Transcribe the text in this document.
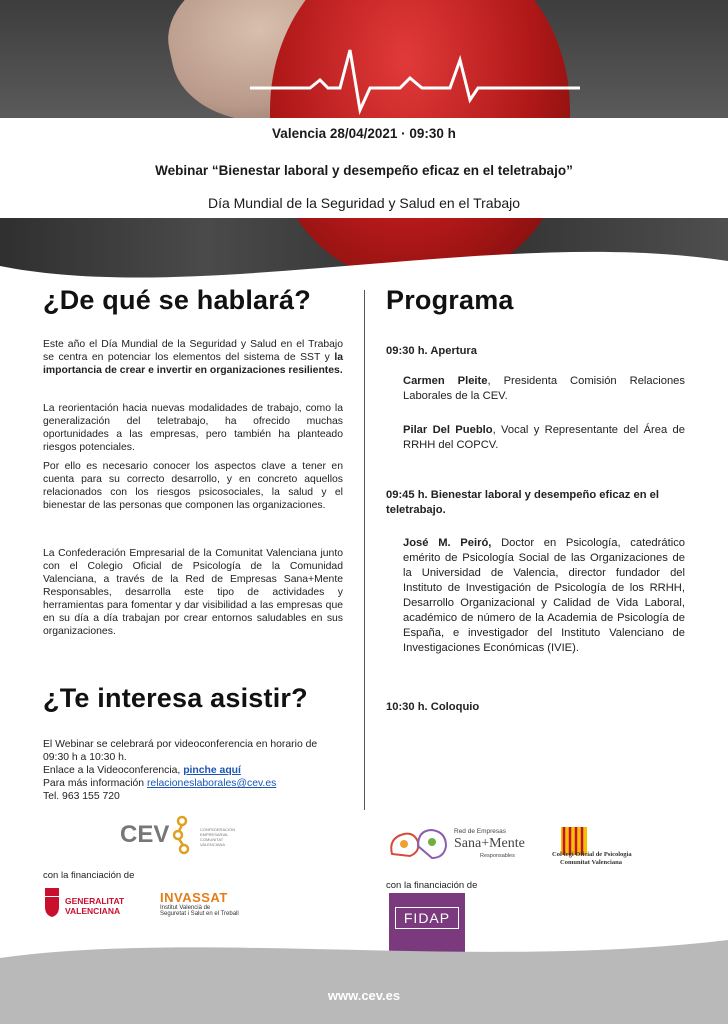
Valencia 28/04/2021 · 09:30 h
Webinar “Bienestar laboral y desempeño eficaz en el teletrabajo”
Día Mundial de la Seguridad y Salud en el Trabajo
¿De qué se hablará?
Este año el Día Mundial de la Seguridad y Salud en el Trabajo se centra en potenciar los elementos del sistema de SST y la importancia de crear e invertir en organizaciones resilientes.
La reorientación hacia nuevas modalidades de trabajo, como la generalización del teletrabajo, ha ofrecido muchas oportunidades a las empresas, pero también ha planteado riesgos potenciales.
Por ello es necesario conocer los aspectos clave a tener en cuenta para su correcto desarrollo, y en concreto aquellos relacionados con los riesgos psicosociales, la salud y el bienestar de las personas que componen las organizaciones.
La Confederación Empresarial de la Comunitat Valenciana junto con el Colegio Oficial de Psicología de la Comunidad Valenciana, a través de la Red de Empresas Sana+Mente Responsables, desarrolla este tipo de actividades y herramientas para fomentar y dar visibilidad a las empresas que en su día a día trabajan por crear entornos saludables en sus organizaciones.
¿Te interesa asistir?
El Webinar se celebrará por videoconferencia en horario de 09:30 h a 10:30 h.
Enlace a la Videoconferencia, pinche aquí
Para más información relacioneslaborales@cev.es
Tel. 963 155 720
CEV	CONFEDERACIÓN EMPRESARIAL COMUNITAT VALENCIANA
con la financiación de
GENERALITAT
VALENCIANA
INVASSAT
Institut Valencià de
Seguretat i Salut en el Treball
Programa
09:30 h. Apertura
Carmen Pleite, Presidenta Comisión Relaciones Laborales de la CEV.
Pilar Del Pueblo, Vocal y Representante del Área de RRHH del COPCV.
09:45 h. Bienestar laboral y desempeño eficaz en el teletrabajo.
José M. Peiró, Doctor en Psicología, catedrático emérito de Psicología Social de las Organizaciones de la Universidad de Valencia, director fundador del Instituto de Investigación de Psicología de los RRHH, Desarrollo Organizacional y Calidad de Vida Laboral, académico de número de la Academia de Psicología de España, e investigador del Instituto Valenciano de Investigaciones Económicas (IVIE).
10:30 h. Coloquio
Red de Empresas
Sana+Mente
Responsables	Col·legi Oficial de Psicologia
Comunitat Valenciana
con la financiación de
FIDAP
www.cev.es
